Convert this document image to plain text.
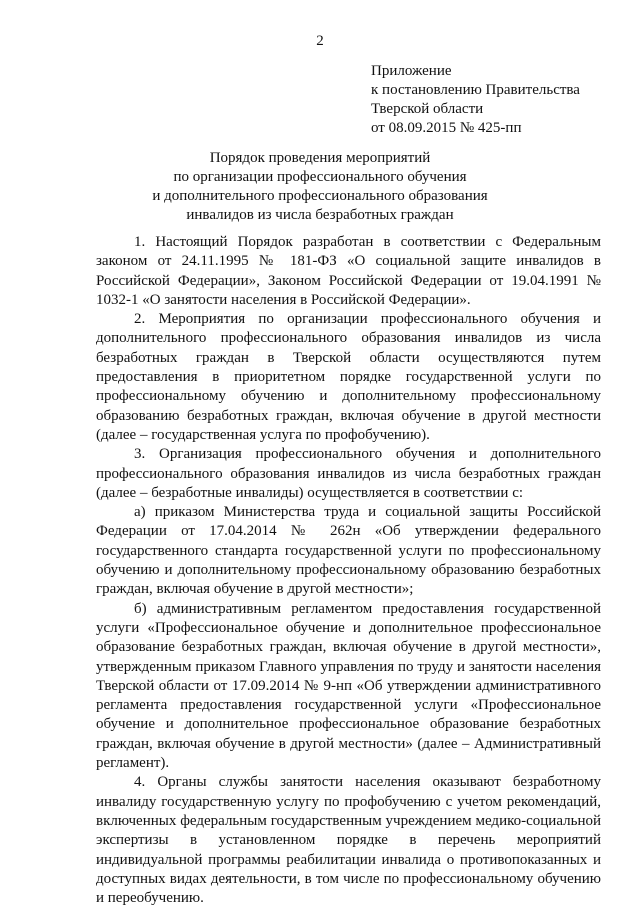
2
Приложение
к постановлению Правительства
Тверской области
от 08.09.2015 № 425-пп
Порядок проведения мероприятий
по организации профессионального обучения
и дополнительного профессионального образования
инвалидов из числа безработных граждан

1. Настоящий Порядок разработан в соответствии с Федеральным законом от 24.11.1995 № 181-ФЗ «О социальной защите инвалидов в Российской Федерации», Законом Российской Федерации от 19.04.1991 № 1032-1 «О занятости населения в Российской Федерации».

2. Мероприятия по организации профессионального обучения и дополнительного профессионального образования инвалидов из числа безработных граждан в Тверской области осуществляются путем предоставления в приоритетном порядке государственной услуги по профессиональному обучению и дополнительному профессиональному образованию безработных граждан, включая обучение в другой местности (далее – государственная услуга по профобучению).

3. Организация профессионального обучения и дополнительного профессионального образования инвалидов из числа безработных граждан (далее – безработные инвалиды) осуществляется в соответствии с:

а) приказом Министерства труда и социальной защиты Российской Федерации от 17.04.2014 № 262н «Об утверждении федерального государственного стандарта государственной услуги по профессиональному обучению и дополнительному профессиональному образованию безработных граждан, включая обучение в другой местности»;

б) административным регламентом предоставления государственной услуги «Профессиональное обучение и дополнительное профессиональное образование безработных граждан, включая обучение в другой местности», утвержденным приказом Главного управления по труду и занятости населения Тверской области от 17.09.2014 № 9-нп «Об утверждении административного регламента предоставления государственной услуги «Профессиональное обучение и дополнительное профессиональное образование безработных граждан, включая обучение в другой местности» (далее – Административный регламент).

4. Органы службы занятости населения оказывают безработному инвалиду государственную услугу по профобучению с учетом рекомендаций, включенных федеральным государственным учреждением медико-социальной экспертизы в установленном порядке в перечень мероприятий индивидуальной программы реабилитации инвалида о противопоказанных и доступных видах деятельности, в том числе по профессиональному обучению и переобучению.
